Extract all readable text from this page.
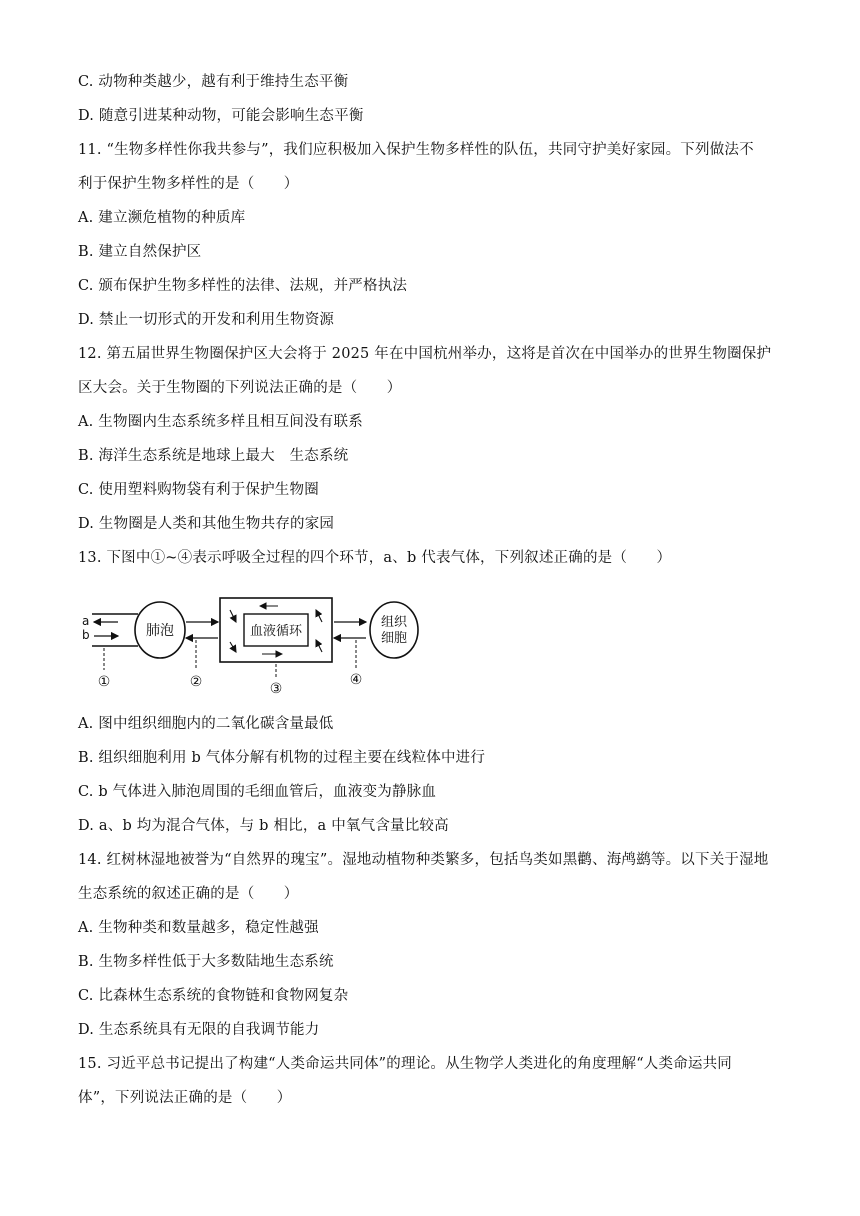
C. 动物种类越少，越有利于维持生态平衡
D. 随意引进某种动物，可能会影响生态平衡
11. “生物多样性你我共参与”，我们应积极加入保护生物多样性的队伍，共同守护美好家园。下列做法不
利于保护生物多样性的是（　　）
A. 建立濒危植物的种质库
B. 建立自然保护区
C. 颁布保护生物多样性的法律、法规，并严格执法
D. 禁止一切形式的开发和利用生物资源
12. 第五届世界生物圈保护区大会将于 2025 年在中国杭州举办，这将是首次在中国举办的世界生物圈保护
区大会。关于生物圈的下列说法正确的是（　　）
A. 生物圈内生态系统多样且相互间没有联系
B. 海洋生态系统是地球上最大　生态系统
C. 使用塑料购物袋有利于保护生物圈
D. 生物圈是人类和其他生物共存的家园
13. 下图中①~④表示呼吸全过程的四个环节，a、b 代表气体，下列叙述正确的是（　　）
a
b	肺泡	血液循环
组织
细胞
①	②	③
④
A. 图中组织细胞内的二氧化碳含量最低
B. 组织细胞利用 b 气体分解有机物的过程主要在线粒体中进行
C. b 气体进入肺泡周围的毛细血管后，血液变为静脉血
D. a、b 均为混合气体，与 b 相比，a 中氧气含量比较高
14. 红树林湿地被誉为“自然界的瑰宝”。湿地动植物种类繁多，包括鸟类如黑鹳、海鸬鹚等。以下关于湿地
生态系统的叙述正确的是（　　）
A. 生物种类和数量越多，稳定性越强
B. 生物多样性低于大多数陆地生态系统
C. 比森林生态系统的食物链和食物网复杂
D. 生态系统具有无限的自我调节能力
15. 习近平总书记提出了构建“人类命运共同体”的理论。从生物学人类进化的角度理解“人类命运共同
体”，下列说法正确的是（　　）
